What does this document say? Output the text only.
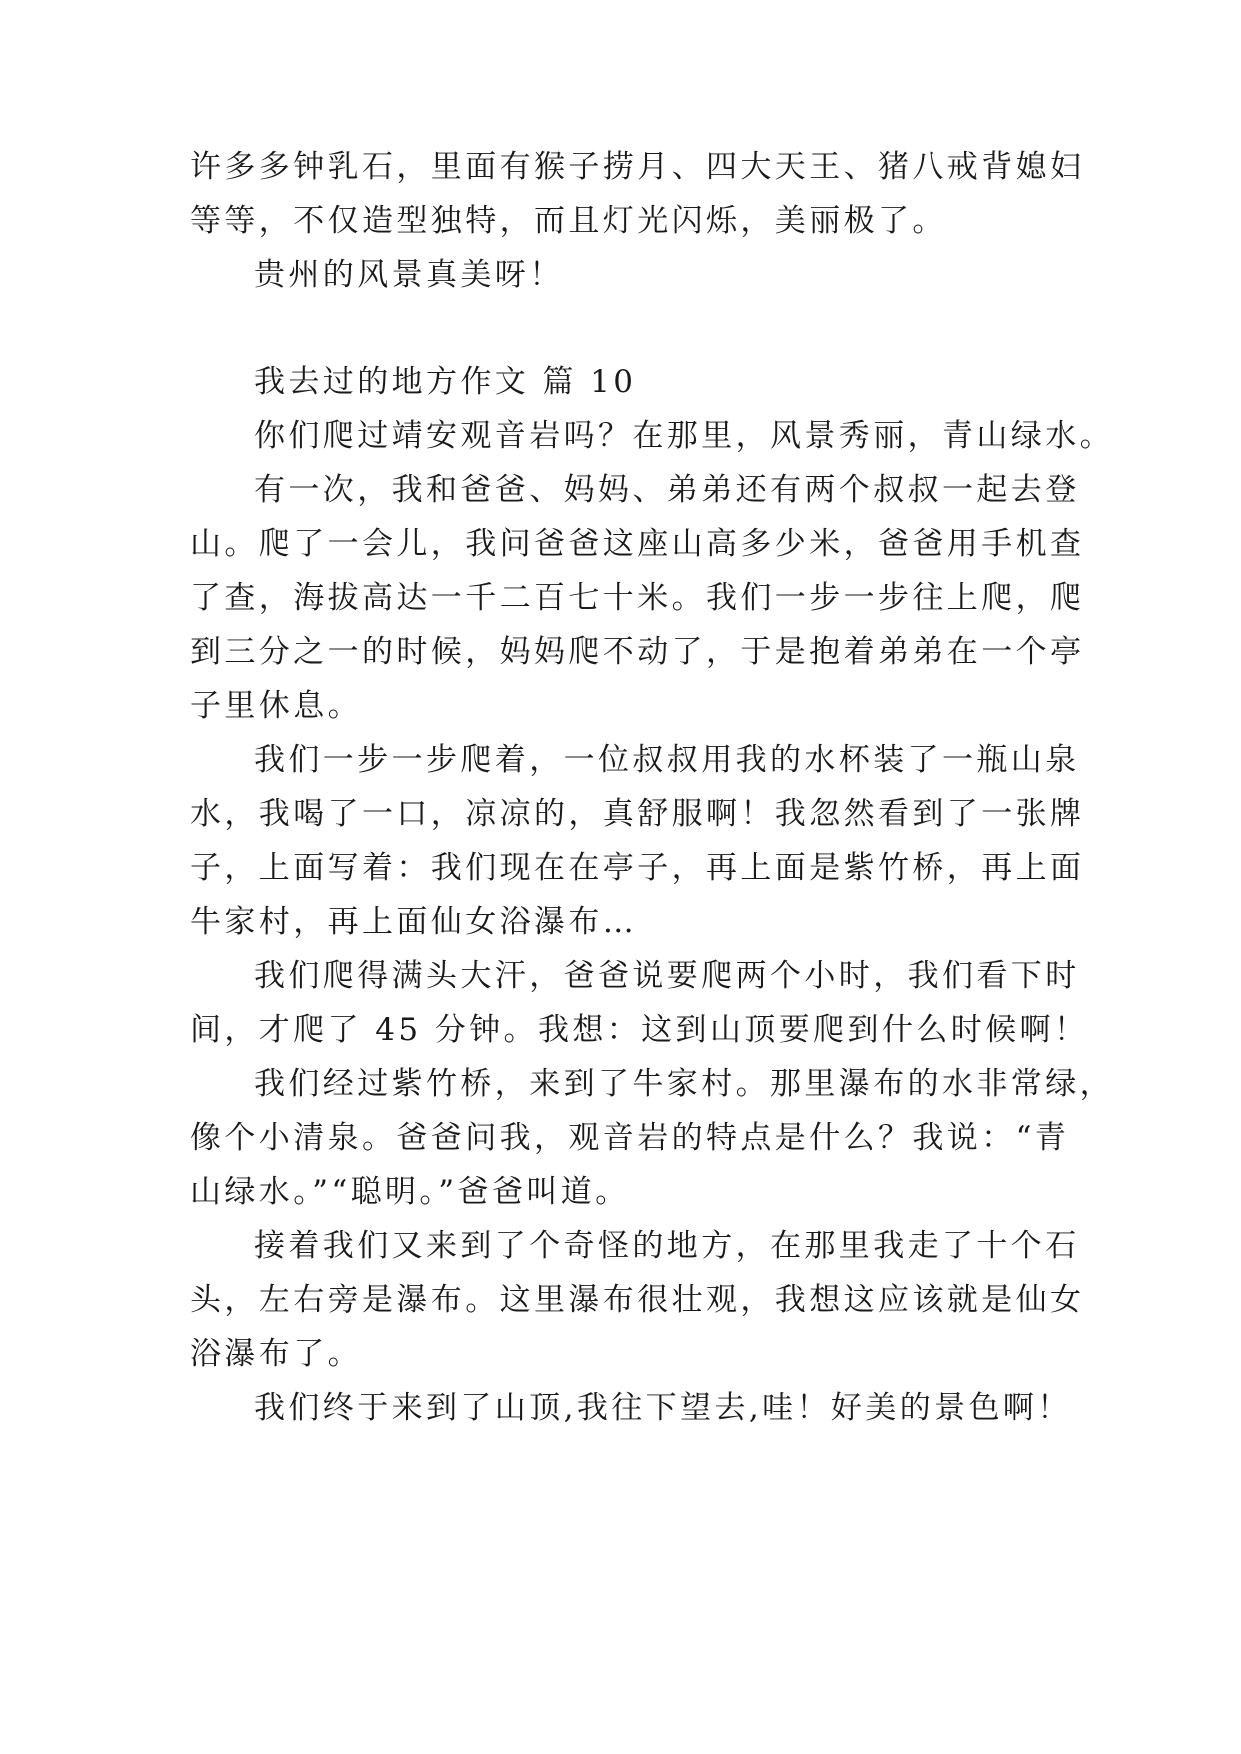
许多多钟乳石，里面有猴子捞月、四大天王、猪八戒背媳妇
等等，不仅造型独特，而且灯光闪烁，美丽极了。
贵州的风景真美呀！
我去过的地方作文 篇 10
你们爬过靖安观音岩吗？在那里，风景秀丽，青山绿水。
有一次，我和爸爸、妈妈、弟弟还有两个叔叔一起去登
山。爬了一会儿，我问爸爸这座山高多少米，爸爸用手机查
了查，海拔高达一千二百七十米。我们一步一步往上爬，爬
到三分之一的时候，妈妈爬不动了，于是抱着弟弟在一个亭
子里休息。
我们一步一步爬着，一位叔叔用我的水杯装了一瓶山泉
水，我喝了一口，凉凉的，真舒服啊！我忽然看到了一张牌
子，上面写着：我们现在在亭子，再上面是紫竹桥，再上面
牛家村，再上面仙女浴瀑布…
我们爬得满头大汗，爸爸说要爬两个小时，我们看下时
间，才爬了 45 分钟。我想：这到山顶要爬到什么时候啊！
我们经过紫竹桥，来到了牛家村。那里瀑布的水非常绿，
像个小清泉。爸爸问我，观音岩的特点是什么？我说：“青
山绿水。”“聪明。”爸爸叫道。
接着我们又来到了个奇怪的地方，在那里我走了十个石
头，左右旁是瀑布。这里瀑布很壮观，我想这应该就是仙女
浴瀑布了。
我们终于来到了山顶,我往下望去,哇！好美的景色啊！
